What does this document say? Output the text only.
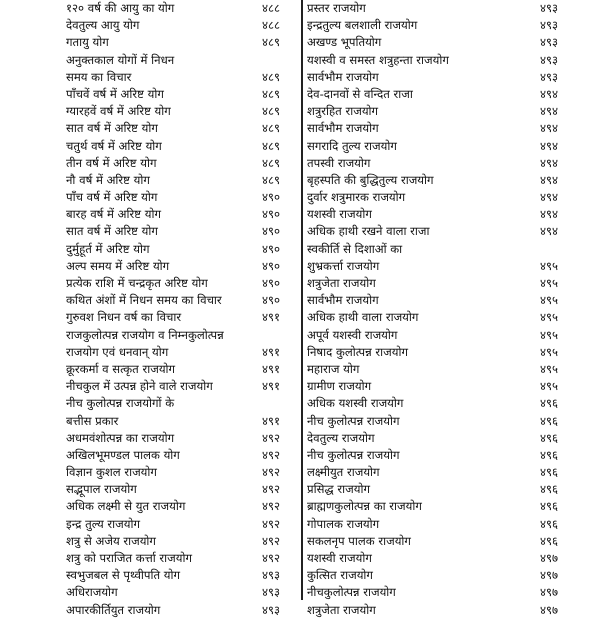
१२० वर्ष की आयु का योग	४८८
देवतुल्य आयु योग	४८८
गतायु योग	४८९
अनुक्तकाल योगों में निधन
समय का विचार	४८९
पाँचवें वर्ष में अरिष्ट योग	४८९
ग्यारहवें वर्ष में अरिष्ट योग	४८९
सात वर्ष में अरिष्ट योग	४८९
चतुर्थ वर्ष में अरिष्ट योग	४८९
तीन वर्ष में अरिष्ट योग	४८९
नौ वर्ष में अरिष्ट योग	४८९
पाँच वर्ष में अरिष्ट योग	४९०
बारह वर्ष में अरिष्ट योग	४९०
सात वर्ष में अरिष्ट योग	४९०
दुर्मुहूर्त में अरिष्ट योग	४९०
अल्प समय में अरिष्ट योग	४९०
प्रत्येक राशि में चन्द्रकृत अरिष्ट योग	४९०
कथित अंशों में निधन समय का विचार	४९०
गुरुवश निधन वर्ष का विचार	४९१
राजकुलोत्पन्न राजयोग व निम्नकुलोत्पन्न
राजयोग एवं धनवान् योग	४९१
क्रूरकर्मा व सत्कृत राजयोग	४९१
नीचकुल में उत्पन्न होने वाले राजयोग	४९१
नीच कुलोत्पन्न राजयोगों के
बत्तीस प्रकार	४९१
अधमवंशोत्पन्न का राजयोग	४९२
अखिलभूमण्डल पालक योग	४९२
विज्ञान कुशल राजयोग	४९२
सद्भूपाल राजयोग	४९२
अधिक लक्ष्मी से युत राजयोग	४९२
इन्द्र तुल्य राजयोग	४९२
शत्रु से अजेय राजयोग	४९२
शत्रु को पराजित कर्त्ता राजयोग	४९२
स्वभुजबल से पृथ्वीपति योग	४९३
अधिराजयोग	४९३
अपारकीर्तियुत राजयोग	४९३
प्रस्तर राजयोग	४९३
इन्द्रतुल्य बलशाली राजयोग	४९३
अखण्ड भूपतियोग	४९३
यशस्वी व समस्त शत्रुहन्ता राजयोग	४९३
सार्वभौम राजयोग	४९३
देव-दानवों से वन्दित राजा	४९४
शत्रुरहित राजयोग	४९४
सार्वभौम राजयोग	४९४
सगरादि तुल्य राजयोग	४९४
तपस्वी राजयोग	४९४
बृहस्पति की बुद्धितुल्य राजयोग	४९४
दुर्वार शत्रुमारक राजयोग	४९४
यशस्वी राजयोग	४९४
अधिक हाथी रखने वाला राजा	४९४
स्वकीर्ति से दिशाओं का
शुभ्रकर्त्ता राजयोग	४९५
शत्रुजेता राजयोग	४९५
सार्वभौम राजयोग	४९५
अधिक हाथी वाला राजयोग	४९५
अपूर्व यशस्वी राजयोग	४९५
निषाद कुलोत्पन्न राजयोग	४९५
महाराज योग	४९५
ग्रामीण राजयोग	४९५
अधिक यशस्वी राजयोग	४९६
नीच कुलोत्पन्न राजयोग	४९६
देवतुल्य राजयोग	४९६
नीच कुलोत्पन्न राजयोग	४९६
लक्ष्मीयुत राजयोग	४९६
प्रसिद्ध राजयोग	४९६
ब्राह्मणकुलोत्पन्न का राजयोग	४९६
गोपालक राजयोग	४९६
सकलनृप पालक राजयोग	४९६
यशस्वी राजयोग	४९७
कुत्सित राजयोग	४९७
नीचकुलोत्पन्न राजयोग	४९७
शत्रुजेता राजयोग	४९७
